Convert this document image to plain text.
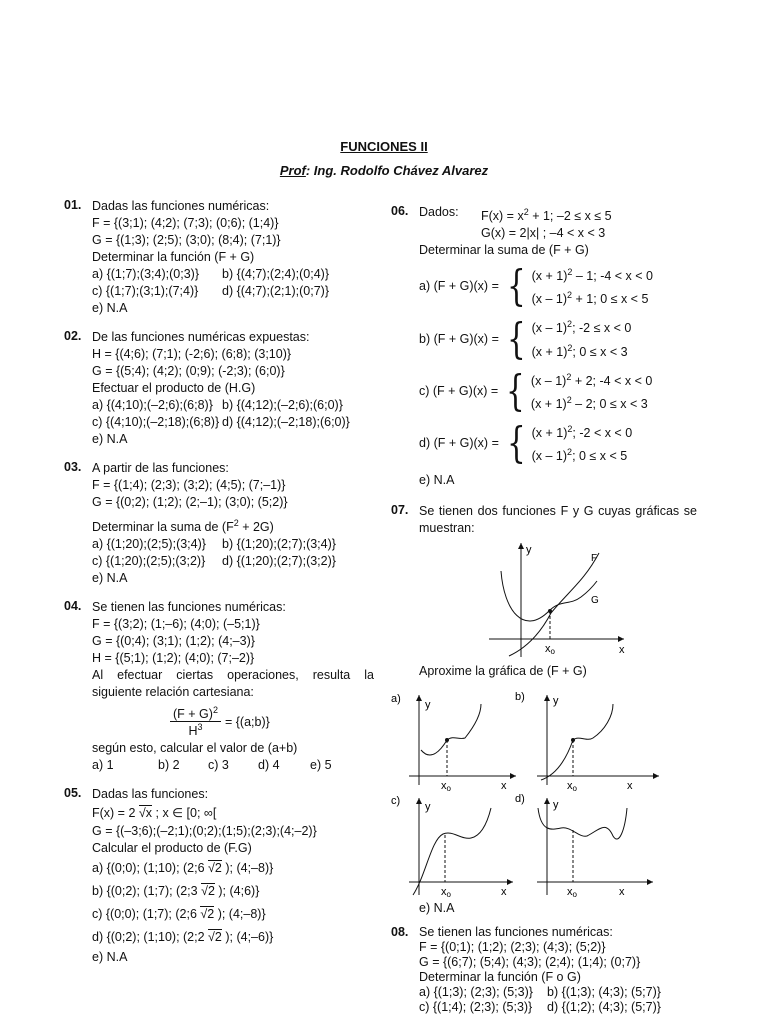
FUNCIONES II
Prof: Ing. Rodolfo Chávez Alvarez
01. Dadas las funciones numéricas:
F = {(3;1); (4;2); (7;3); (0;6); (1;4)}
G = {(1;3); (2;5); (3;0); (8;4); (7;1)}
Determinar la función (F + G)
a) {(1;7);(3;4);(0;3)}	b) {(4;7);(2;4);(0;4)}
c) {(1;7);(3;1);(7;4)}	d) {(4;7);(2;1);(0;7)}
e) N.A
02. De las funciones numéricas expuestas:
H = {(4;6); (7;1); (-2;6); (6;8); (3;10)}
G = {(5;4); (4;2); (0;9); (-2;3); (6;0)}
Efectuar el producto de (H.G)
a) {(4;10);(–2;6);(6;8)} b) {(4;12);(–2;6);(6;0)}
c) {(4;10);(–2;18);(6;8)} d) {(4;12);(–2;18);(6;0)}
e) N.A
03. A partir de las funciones:
F = {(1;4); (2;3); (3;2); (4;5); (7;–1)}
G = {(0;2); (1;2); (2;–1); (3;0); (5;2)}
Determinar la suma de $(F^2 + 2G)$
a) {(1;20);(2;5);(3;4)}	b) {(1;20);(2;7);(3;4)}
c) {(1;20);(2;5);(3;2)}	d) {(1;20);(2;7);(3;2)}
e) N.A
04. Se tienen las funciones numéricas:
F = {(3;2); (1;–6); (4;0); (–5;1)}
G = {(0;4); (3;1); (1;2); (4;–3)}
H = {(5;1); (1;2); (4;0); (7;–2)}
Al efectuar ciertas operaciones, resulta la siguiente relación cartesiana:
$\frac{(F + G)^2}{H^3}$ = {(a;b)}
según esto, calcular el valor de (a+b)
a) 1	b) 2	c) 3	d) 4	e) 5
05. Dadas las funciones:
F(x) = 2 √x ; x ∈ [0; ∞[
G = {(–3;6);(–2;1);(0;2);(1;5);(2;3);(4;–2)}
Calcular el producto de (F.G)
a) {(0;0); (1;10); (2;6 √2 ); (4;–8)}
b) {(0;2); (1;7); (2;3 √2 ); (4;6)}
c) {(0;0); (1;7); (2;6 √2 ); (4;–8)}
d) {(0;2); (1;10); (2;2 √2 ); (4;–6)}
e) N.A
06. Dados:	$F(x) = x^2 + 1$; –2 ≤ x ≤ 5
G(x) = 2|x| ; –4 < x < 3
Determinar la suma de (F + G)
a) (F + G)(x) = { $(x + 1)^2 - 1$; -4 < x < 0
(x – 1)$^2$ + 1; 0 ≤ x < 5
b) (F + G)(x) = { (x – 1)$^2$; -2 ≤ x < 0
$(x + 1)^2$; 0 ≤ x < 3
c) (F + G)(x) = { (x – 1)$^2$ + 2; -4 < x < 0
$(x + 1)^2 - 2$; 0 ≤ x < 3
d) (F + G)(x) = { $(x + 1)^2$; -2 < x < 0
(x – 1)$^2$; 0 ≤ x < 5
e) N.A
07. Se tienen dos funciones F y G cuyas gráficas se muestran:
y
x
xo
F
G
Aproxime la gráfica de (F + G)
a) y
x
xo
b)	y
x
xo
c) y
x
xo
d)	y
x
xo
e) N.A
08. Se tienen las funciones numéricas:
F = {(0;1); (1;2); (2;3); (4;3); (5;2)}
G = {(6;7); (5;4); (4;3); (2;4); (1;4); (0;7)}
Determinar la función (F o G)
a) {(1;3); (2;3); (5;3)}	b) {(1;3); (4;3); (5;7)}
c) {(1;4); (2;3); (5;3)}	d) {(1;2); (4;3); (5;7)}
